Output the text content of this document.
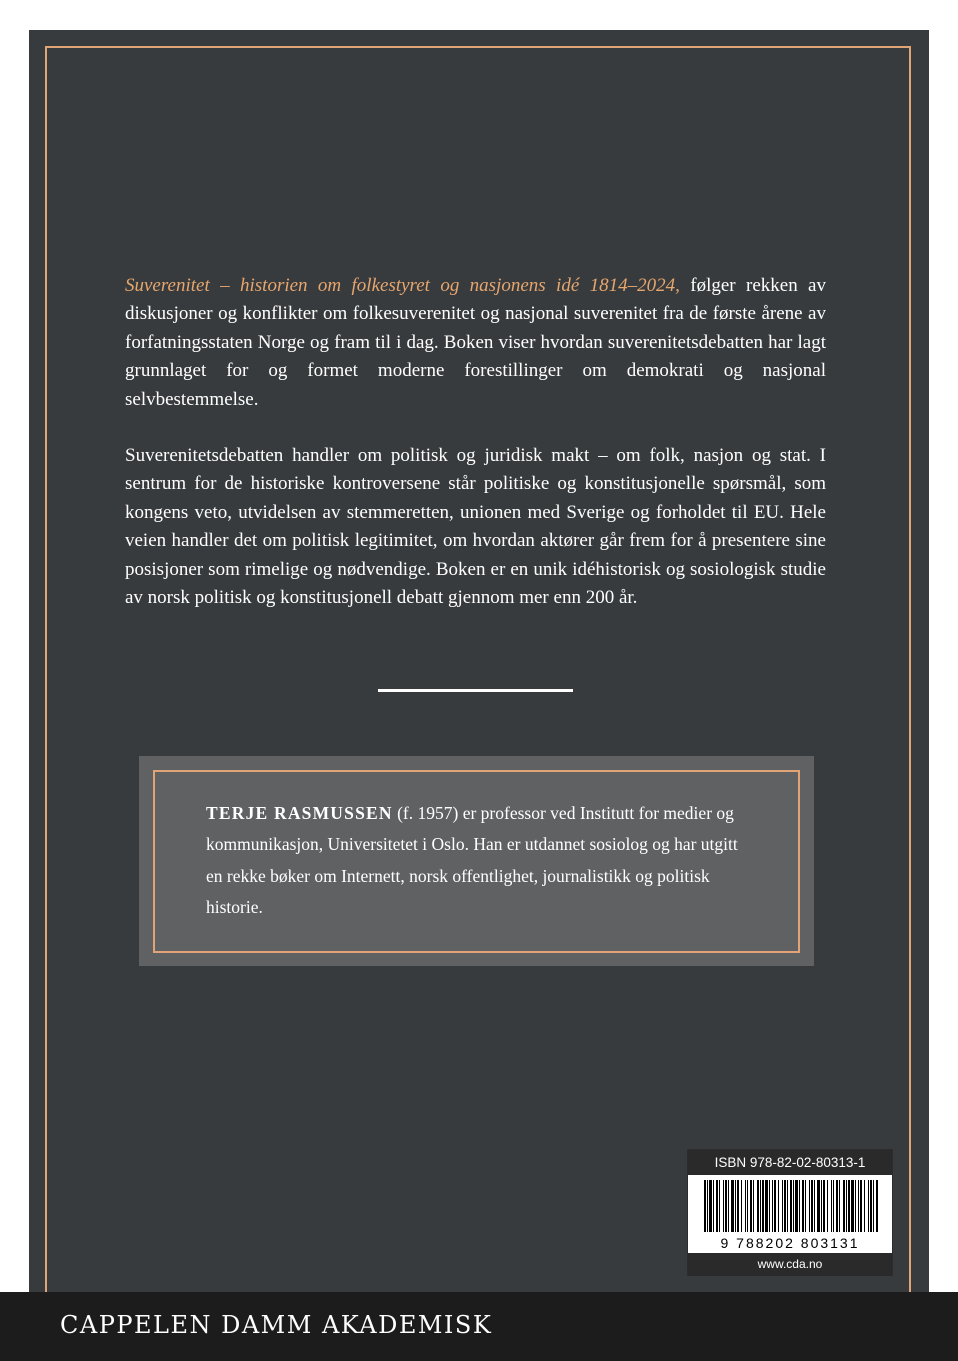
Suverenitet – historien om folkestyret og nasjonens idé 1814–2024, følger rekken av diskusjoner og konflikter om folkesuverenitet og nasjonal suverenitet fra de første årene av forfatningsstaten Norge og fram til i dag. Boken viser hvordan suverenitetsdebatten har lagt grunnlaget for og formet moderne forestillinger om demokrati og nasjonal selvbestemmelse.

Suverenitetsdebatten handler om politisk og juridisk makt – om folk, nasjon og stat. I sentrum for de historiske kontroversene står politiske og konstitusjonelle spørsmål, som kongens veto, utvidelsen av stemmeretten, unionen med Sverige og forholdet til EU. Hele veien handler det om politisk legitimitet, om hvordan aktører går frem for å presentere sine posisjoner som rimelige og nødvendige. Boken er en unik idéhistorisk og sosiologisk studie av norsk politisk og konstitusjonell debatt gjennom mer enn 200 år.

TERJE RASMUSSEN (f. 1957) er professor ved Institutt for medier og kommunikasjon, Universitetet i Oslo. Han er utdannet sosiolog og har utgitt en rekke bøker om Internett, norsk offentlighet, journalistikk og politisk historie.
ISBN 978-82-02-80313-1
9 788202 803131
www.cda.no
CAPPELEN DAMM AKADEMISK
